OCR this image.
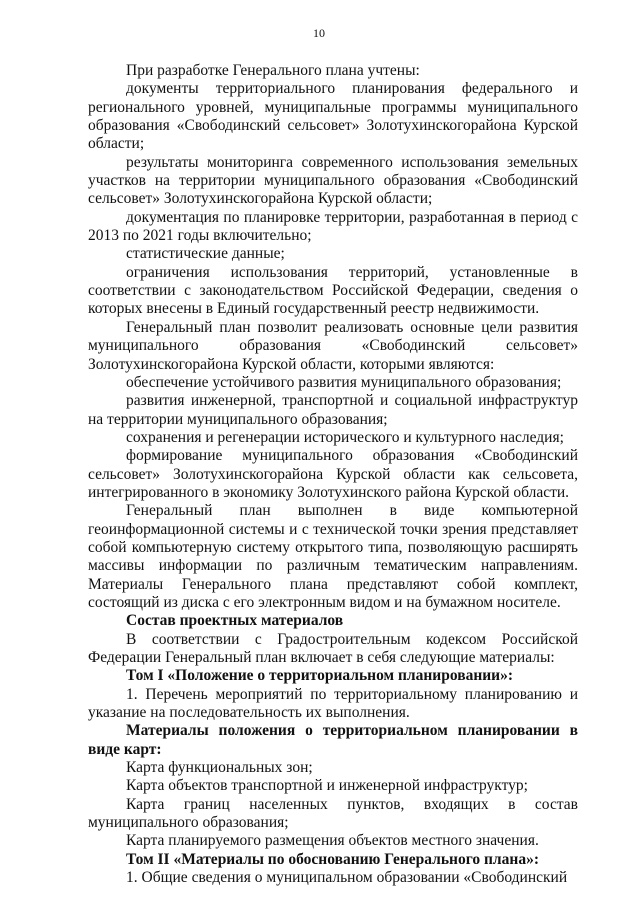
10

При разработке Генерального плана учтены:

документы территориального планирования федерального и регионального уровней, муниципальные программы муниципального образования «Свободинский сельсовет» Золотухинскогорайона Курской области;

результаты мониторинга современного использования земельных участков на территории муниципального образования «Свободинский сельсовет» Золотухинскогорайона Курской области;

документация по планировке территории, разработанная в период с 2013 по 2021 годы включительно;

статистические данные;

ограничения использования территорий, установленные в соответствии с законодательством Российской Федерации, сведения о которых внесены в Единый государственный реестр недвижимости.

Генеральный план позволит реализовать основные цели развития муниципального образования «Свободинский сельсовет» Золотухинскогорайона Курской области, которыми являются:

обеспечение устойчивого развития муниципального образования;

развития инженерной, транспортной и социальной инфраструктур на территории муниципального образования;

сохранения и регенерации исторического и культурного наследия;

формирование муниципального образования «Свободинский сельсовет» Золотухинскогорайона Курской области как сельсовета, интегрированного в экономику Золотухинского района Курской области.

Генеральный план выполнен в виде компьютерной геоинформационной системы и с технической точки зрения представляет собой компьютерную систему открытого типа, позволяющую расширять массивы информации по различным тематическим направлениям. Материалы Генерального плана представляют собой комплект, состоящий из диска с его электронным видом и на бумажном носителе.

Состав проектных материалов

В соответствии с Градостроительным кодексом Российской Федерации Генеральный план включает в себя следующие материалы:

Том I «Положение о территориальном планировании»:

1. Перечень мероприятий по территориальному планированию и указание на последовательность их выполнения.

Материалы положения о территориальном планировании в виде карт:

Карта функциональных зон;

Карта объектов транспортной и инженерной инфраструктур;

Карта границ населенных пунктов, входящих в состав муниципального образования;

Карта планируемого размещения объектов местного значения.

Том II «Материалы по обоснованию Генерального плана»:

1. Общие сведения о муниципальном образовании «Свободинский
